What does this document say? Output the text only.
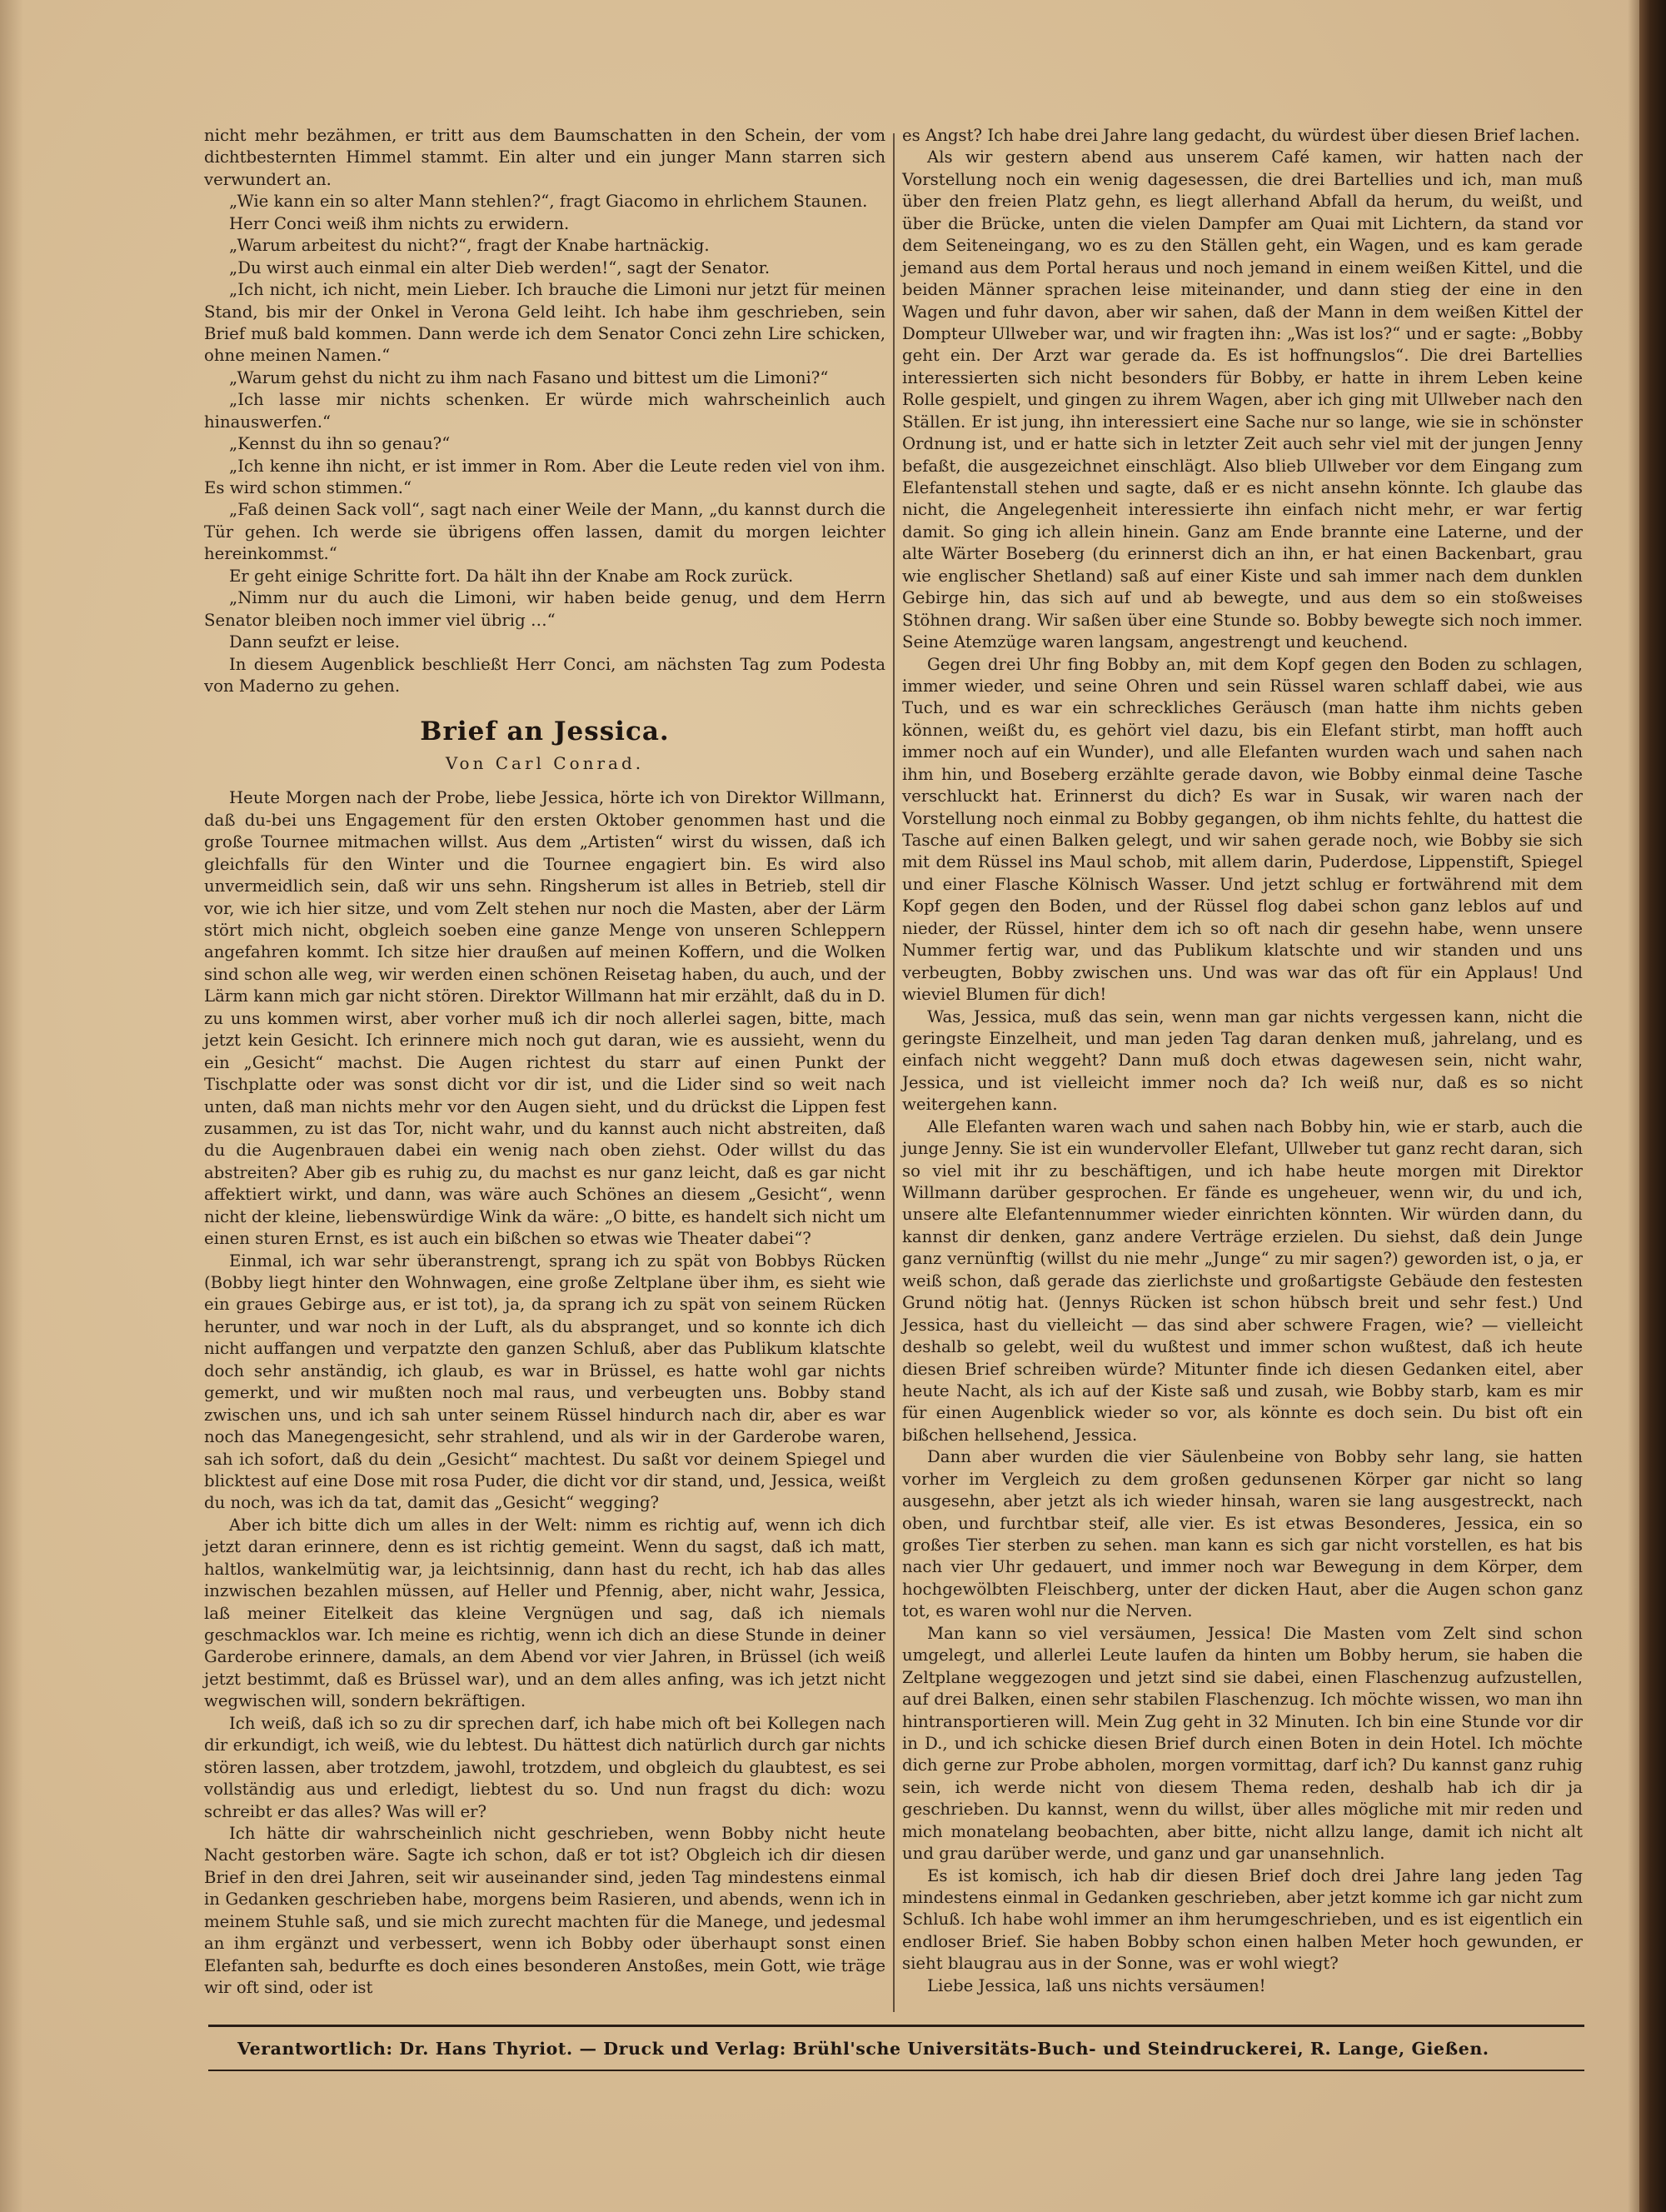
nicht mehr bezähmen, er tritt aus dem Baumschatten in den Schein, der vom dichtbesternten Himmel stammt. Ein alter und ein junger Mann starren sich verwundert an.

„Wie kann ein so alter Mann stehlen?“, fragt Giacomo in ehrlichem Staunen.

Herr Conci weiß ihm nichts zu erwidern.

„Warum arbeitest du nicht?“, fragt der Knabe hartnäckig.

„Du wirst auch einmal ein alter Dieb werden!“, sagt der Senator.

„Ich nicht, ich nicht, mein Lieber. Ich brauche die Limoni nur jetzt für meinen Stand, bis mir der Onkel in Verona Geld leiht. Ich habe ihm geschrieben, sein Brief muß bald kommen. Dann werde ich dem Senator Conci zehn Lire schicken, ohne meinen Namen.“

„Warum gehst du nicht zu ihm nach Fasano und bittest um die Limoni?“

„Ich lasse mir nichts schenken. Er würde mich wahrscheinlich auch hinauswerfen.“

„Kennst du ihn so genau?“

„Ich kenne ihn nicht, er ist immer in Rom. Aber die Leute reden viel von ihm. Es wird schon stimmen.“

„Faß deinen Sack voll“, sagt nach einer Weile der Mann, „du kannst durch die Tür gehen. Ich werde sie übrigens offen lassen, damit du morgen leichter hereinkommst.“

Er geht einige Schritte fort. Da hält ihn der Knabe am Rock zurück.

„Nimm nur du auch die Limoni, wir haben beide genug, und dem Herrn Senator bleiben noch immer viel übrig …“

Dann seufzt er leise.

In diesem Augenblick beschließt Herr Conci, am nächsten Tag zum Podesta von Maderno zu gehen.

Brief an Jessica.
Von Carl Conrad.

Heute Morgen nach der Probe, liebe Jessica, hörte ich von Direktor Willmann, daß du-bei uns Engagement für den ersten Oktober genommen hast und die große Tournee mitmachen willst. Aus dem „Artisten“ wirst du wissen, daß ich gleichfalls für den Winter und die Tournee engagiert bin. Es wird also unvermeidlich sein, daß wir uns sehn. Ringsherum ist alles in Betrieb, stell dir vor, wie ich hier sitze, und vom Zelt stehen nur noch die Masten, aber der Lärm stört mich nicht, obgleich soeben eine ganze Menge von unseren Schleppern angefahren kommt. Ich sitze hier draußen auf meinen Koffern, und die Wolken sind schon alle weg, wir werden einen schönen Reisetag haben, du auch, und der Lärm kann mich gar nicht stören. Direktor Willmann hat mir erzählt, daß du in D. zu uns kommen wirst, aber vorher muß ich dir noch allerlei sagen, bitte, mach jetzt kein Gesicht. Ich erinnere mich noch gut daran, wie es aussieht, wenn du ein „Gesicht“ machst. Die Augen richtest du starr auf einen Punkt der Tischplatte oder was sonst dicht vor dir ist, und die Lider sind so weit nach unten, daß man nichts mehr vor den Augen sieht, und du drückst die Lippen fest zusammen, zu ist das Tor, nicht wahr, und du kannst auch nicht abstreiten, daß du die Augenbrauen dabei ein wenig nach oben ziehst. Oder willst du das abstreiten? Aber gib es ruhig zu, du machst es nur ganz leicht, daß es gar nicht affektiert wirkt, und dann, was wäre auch Schönes an diesem „Gesicht“, wenn nicht der kleine, liebenswürdige Wink da wäre: „O bitte, es handelt sich nicht um einen sturen Ernst, es ist auch ein bißchen so etwas wie Theater dabei“?

Einmal, ich war sehr überanstrengt, sprang ich zu spät von Bobbys Rücken (Bobby liegt hinter den Wohnwagen, eine große Zeltplane über ihm, es sieht wie ein graues Gebirge aus, er ist tot), ja, da sprang ich zu spät von seinem Rücken herunter, und war noch in der Luft, als du abspranget, und so konnte ich dich nicht auffangen und verpatzte den ganzen Schluß, aber das Publikum klatschte doch sehr anständig, ich glaub, es war in Brüssel, es hatte wohl gar nichts gemerkt, und wir mußten noch mal raus, und verbeugten uns. Bobby stand zwischen uns, und ich sah unter seinem Rüssel hindurch nach dir, aber es war noch das Manegengesicht, sehr strahlend, und als wir in der Garderobe waren, sah ich sofort, daß du dein „Gesicht“ machtest. Du saßt vor deinem Spiegel und blicktest auf eine Dose mit rosa Puder, die dicht vor dir stand, und, Jessica, weißt du noch, was ich da tat, damit das „Gesicht“ wegging?

Aber ich bitte dich um alles in der Welt: nimm es richtig auf, wenn ich dich jetzt daran erinnere, denn es ist richtig gemeint. Wenn du sagst, daß ich matt, haltlos, wankelmütig war, ja leichtsinnig, dann hast du recht, ich hab das alles inzwischen bezahlen müssen, auf Heller und Pfennig, aber, nicht wahr, Jessica, laß meiner Eitelkeit das kleine Vergnügen und sag, daß ich niemals geschmacklos war. Ich meine es richtig, wenn ich dich an diese Stunde in deiner Garderobe erinnere, damals, an dem Abend vor vier Jahren, in Brüssel (ich weiß jetzt bestimmt, daß es Brüssel war), und an dem alles anfing, was ich jetzt nicht wegwischen will, sondern bekräftigen.

Ich weiß, daß ich so zu dir sprechen darf, ich habe mich oft bei Kollegen nach dir erkundigt, ich weiß, wie du lebtest. Du hättest dich natürlich durch gar nichts stören lassen, aber trotzdem, jawohl, trotzdem, und obgleich du glaubtest, es sei vollständig aus und erledigt, liebtest du so. Und nun fragst du dich: wozu schreibt er das alles? Was will er?

Ich hätte dir wahrscheinlich nicht geschrieben, wenn Bobby nicht heute Nacht gestorben wäre. Sagte ich schon, daß er tot ist? Obgleich ich dir diesen Brief in den drei Jahren, seit wir auseinander sind, jeden Tag mindestens einmal in Gedanken geschrieben habe, morgens beim Rasieren, und abends, wenn ich in meinem Stuhle saß, und sie mich zurecht machten für die Manege, und jedesmal an ihm ergänzt und verbessert, wenn ich Bobby oder überhaupt sonst einen Elefanten sah, bedurfte es doch eines besonderen Anstoßes, mein Gott, wie träge wir oft sind, oder ist

es Angst? Ich habe drei Jahre lang gedacht, du würdest über diesen Brief lachen.

Als wir gestern abend aus unserem Café kamen, wir hatten nach der Vorstellung noch ein wenig dagesessen, die drei Bartellies und ich, man muß über den freien Platz gehn, es liegt allerhand Abfall da herum, du weißt, und über die Brücke, unten die vielen Dampfer am Quai mit Lichtern, da stand vor dem Seiteneingang, wo es zu den Ställen geht, ein Wagen, und es kam gerade jemand aus dem Portal heraus und noch jemand in einem weißen Kittel, und die beiden Männer sprachen leise miteinander, und dann stieg der eine in den Wagen und fuhr davon, aber wir sahen, daß der Mann in dem weißen Kittel der Dompteur Ullweber war, und wir fragten ihn: „Was ist los?“ und er sagte: „Bobby geht ein. Der Arzt war gerade da. Es ist hoffnungslos“. Die drei Bartellies interessierten sich nicht besonders für Bobby, er hatte in ihrem Leben keine Rolle gespielt, und gingen zu ihrem Wagen, aber ich ging mit Ullweber nach den Ställen. Er ist jung, ihn interessiert eine Sache nur so lange, wie sie in schönster Ordnung ist, und er hatte sich in letzter Zeit auch sehr viel mit der jungen Jenny befaßt, die ausgezeichnet einschlägt. Also blieb Ullweber vor dem Eingang zum Elefantenstall stehen und sagte, daß er es nicht ansehn könnte. Ich glaube das nicht, die Angelegenheit interessierte ihn einfach nicht mehr, er war fertig damit. So ging ich allein hinein. Ganz am Ende brannte eine Laterne, und der alte Wärter Boseberg (du erinnerst dich an ihn, er hat einen Backenbart, grau wie englischer Shetland) saß auf einer Kiste und sah immer nach dem dunklen Gebirge hin, das sich auf und ab bewegte, und aus dem so ein stoßweises Stöhnen drang. Wir saßen über eine Stunde so. Bobby bewegte sich noch immer. Seine Atemzüge waren langsam, angestrengt und keuchend.

Gegen drei Uhr fing Bobby an, mit dem Kopf gegen den Boden zu schlagen, immer wieder, und seine Ohren und sein Rüssel waren schlaff dabei, wie aus Tuch, und es war ein schreckliches Geräusch (man hatte ihm nichts geben können, weißt du, es gehört viel dazu, bis ein Elefant stirbt, man hofft auch immer noch auf ein Wunder), und alle Elefanten wurden wach und sahen nach ihm hin, und Boseberg erzählte gerade davon, wie Bobby einmal deine Tasche verschluckt hat. Erinnerst du dich? Es war in Susak, wir waren nach der Vorstellung noch einmal zu Bobby gegangen, ob ihm nichts fehlte, du hattest die Tasche auf einen Balken gelegt, und wir sahen gerade noch, wie Bobby sie sich mit dem Rüssel ins Maul schob, mit allem darin, Puderdose, Lippenstift, Spiegel und einer Flasche Kölnisch Wasser. Und jetzt schlug er fortwährend mit dem Kopf gegen den Boden, und der Rüssel flog dabei schon ganz leblos auf und nieder, der Rüssel, hinter dem ich so oft nach dir gesehn habe, wenn unsere Nummer fertig war, und das Publikum klatschte und wir standen und uns verbeugten, Bobby zwischen uns. Und was war das oft für ein Applaus! Und wieviel Blumen für dich!

Was, Jessica, muß das sein, wenn man gar nichts vergessen kann, nicht die geringste Einzelheit, und man jeden Tag daran denken muß, jahrelang, und es einfach nicht weggeht? Dann muß doch etwas dagewesen sein, nicht wahr, Jessica, und ist vielleicht immer noch da? Ich weiß nur, daß es so nicht weitergehen kann.

Alle Elefanten waren wach und sahen nach Bobby hin, wie er starb, auch die junge Jenny. Sie ist ein wundervoller Elefant, Ullweber tut ganz recht daran, sich so viel mit ihr zu beschäftigen, und ich habe heute morgen mit Direktor Willmann darüber gesprochen. Er fände es ungeheuer, wenn wir, du und ich, unsere alte Elefantennummer wieder einrichten könnten. Wir würden dann, du kannst dir denken, ganz andere Verträge erzielen. Du siehst, daß dein Junge ganz vernünftig (willst du nie mehr „Junge“ zu mir sagen?) geworden ist, o ja, er weiß schon, daß gerade das zierlichste und großartigste Gebäude den festesten Grund nötig hat. (Jennys Rücken ist schon hübsch breit und sehr fest.) Und Jessica, hast du vielleicht — das sind aber schwere Fragen, wie? — vielleicht deshalb so gelebt, weil du wußtest und immer schon wußtest, daß ich heute diesen Brief schreiben würde? Mitunter finde ich diesen Gedanken eitel, aber heute Nacht, als ich auf der Kiste saß und zusah, wie Bobby starb, kam es mir für einen Augenblick wieder so vor, als könnte es doch sein. Du bist oft ein bißchen hellsehend, Jessica.

Dann aber wurden die vier Säulenbeine von Bobby sehr lang, sie hatten vorher im Vergleich zu dem großen gedunsenen Körper gar nicht so lang ausgesehn, aber jetzt als ich wieder hinsah, waren sie lang ausgestreckt, nach oben, und furchtbar steif, alle vier. Es ist etwas Besonderes, Jessica, ein so großes Tier sterben zu sehen. man kann es sich gar nicht vorstellen, es hat bis nach vier Uhr gedauert, und immer noch war Bewegung in dem Körper, dem hochgewölbten Fleischberg, unter der dicken Haut, aber die Augen schon ganz tot, es waren wohl nur die Nerven.

Man kann so viel versäumen, Jessica! Die Masten vom Zelt sind schon umgelegt, und allerlei Leute laufen da hinten um Bobby herum, sie haben die Zeltplane weggezogen und jetzt sind sie dabei, einen Flaschenzug aufzustellen, auf drei Balken, einen sehr stabilen Flaschenzug. Ich möchte wissen, wo man ihn hintransportieren will. Mein Zug geht in 32 Minuten. Ich bin eine Stunde vor dir in D., und ich schicke diesen Brief durch einen Boten in dein Hotel. Ich möchte dich gerne zur Probe abholen, morgen vormittag, darf ich? Du kannst ganz ruhig sein, ich werde nicht von diesem Thema reden, deshalb hab ich dir ja geschrieben. Du kannst, wenn du willst, über alles mögliche mit mir reden und mich monatelang beobachten, aber bitte, nicht allzu lange, damit ich nicht alt und grau darüber werde, und ganz und gar unansehnlich.

Es ist komisch, ich hab dir diesen Brief doch drei Jahre lang jeden Tag mindestens einmal in Gedanken geschrieben, aber jetzt komme ich gar nicht zum Schluß. Ich habe wohl immer an ihm herumgeschrieben, und es ist eigentlich ein endloser Brief. Sie haben Bobby schon einen halben Meter hoch gewunden, er sieht blaugrau aus in der Sonne, was er wohl wiegt?

Liebe Jessica, laß uns nichts versäumen!

Verantwortlich: Dr. Hans Thyriot. — Druck und Verlag: Brühl'sche Universitäts-Buch- und Steindruckerei, R. Lange, Gießen.
